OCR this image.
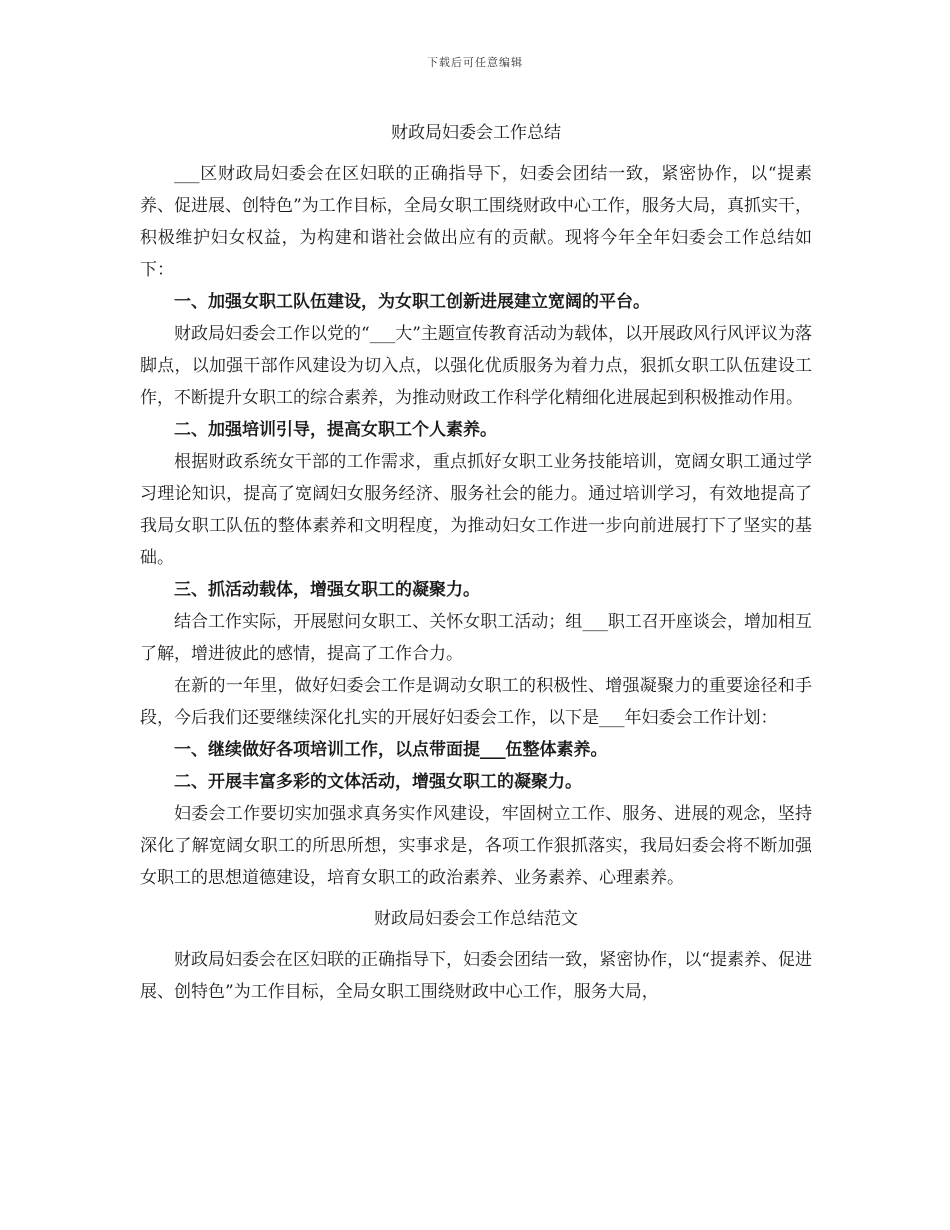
下载后可任意编辑
财政局妇委会工作总结

___区财政局妇委会在区妇联的正确指导下，妇委会团结一致，紧密协作，以“提素养、促进展、创特色”为工作目标，全局女职工围绕财政中心工作，服务大局，真抓实干，积极维护妇女权益，为构建和谐社会做出应有的贡献。现将今年全年妇委会工作总结如下：

一、加强女职工队伍建设，为女职工创新进展建立宽阔的平台。

财政局妇委会工作以党的“___大”主题宣传教育活动为载体，以开展政风行风评议为落脚点，以加强干部作风建设为切入点，以强化优质服务为着力点，狠抓女职工队伍建设工作，不断提升女职工的综合素养，为推动财政工作科学化精细化进展起到积极推动作用。

二、加强培训引导，提高女职工个人素养。

根据财政系统女干部的工作需求，重点抓好女职工业务技能培训，宽阔女职工通过学习理论知识，提高了宽阔妇女服务经济、服务社会的能力。通过培训学习，有效地提高了我局女职工队伍的整体素养和文明程度，为推动妇女工作进一步向前进展打下了坚实的基础。

三、抓活动载体，增强女职工的凝聚力。

结合工作实际，开展慰问女职工、关怀女职工活动；组___职工召开座谈会，增加相互了解，增进彼此的感情，提高了工作合力。

在新的一年里，做好妇委会工作是调动女职工的积极性、增强凝聚力的重要途径和手段，今后我们还要继续深化扎实的开展好妇委会工作，以下是___年妇委会工作计划：

一、继续做好各项培训工作，以点带面提___伍整体素养。

二、开展丰富多彩的文体活动，增强女职工的凝聚力。

妇委会工作要切实加强求真务实作风建设，牢固树立工作、服务、进展的观念，坚持深化了解宽阔女职工的所思所想，实事求是，各项工作狠抓落实，我局妇委会将不断加强女职工的思想道德建设，培育女职工的政治素养、业务素养、心理素养。

财政局妇委会工作总结范文

财政局妇委会在区妇联的正确指导下，妇委会团结一致，紧密协作，以“提素养、促进展、创特色”为工作目标，全局女职工围绕财政中心工作，服务大局，
